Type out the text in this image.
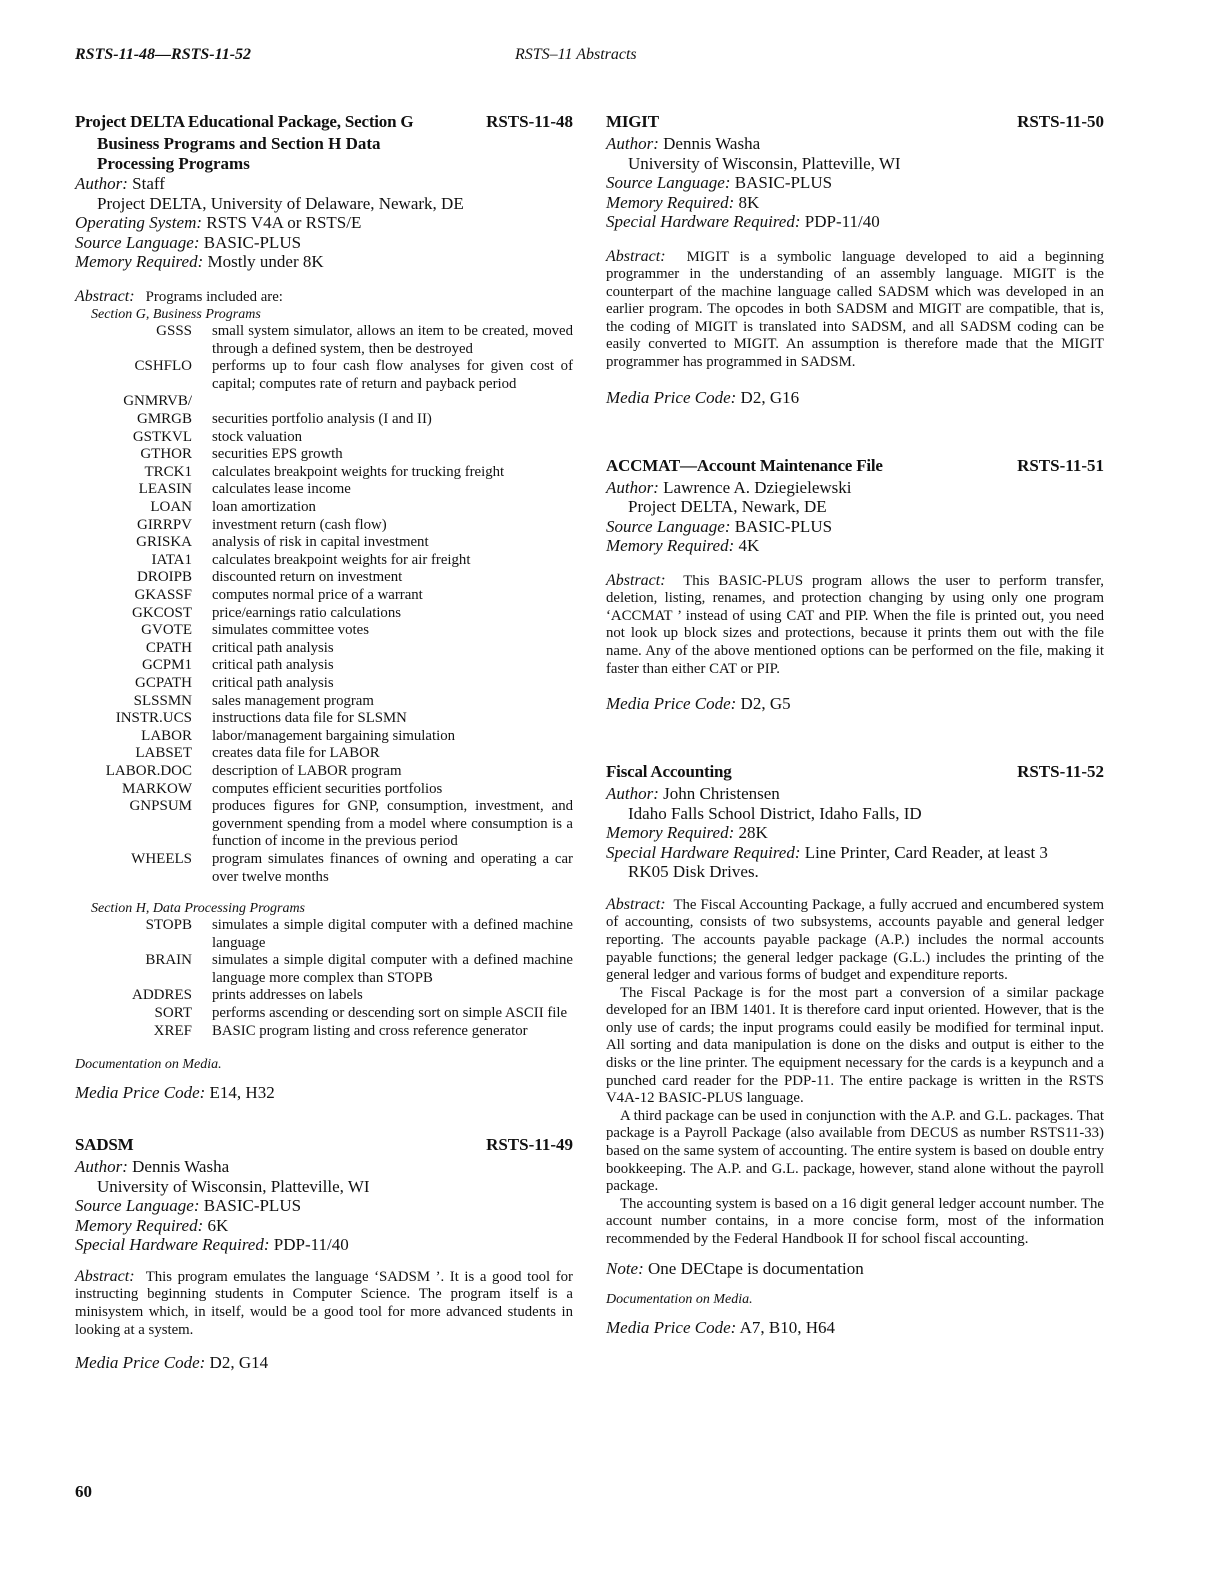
RSTS-11-48—RSTS-11-52	RSTS–11 Abstracts
Project DELTA Educational Package, Section G	RSTS-11-48
Business Programs and Section H Data
Processing Programs
Author: Staff
Project DELTA, University of Delaware, Newark, DE
Operating System: RSTS V4A or RSTS/E
Source Language: BASIC-PLUS
Memory Required: Mostly under 8K
Abstract: Programs included are:
Section G, Business Programs
GSSS	small system simulator, allows an item to be created, moved through a defined system, then be destroyed
CSHFLO	performs up to four cash flow analyses for given cost of capital; computes rate of return and payback period
GNMRVB/	
GMRGB	securities portfolio analysis (I and II)
GSTKVL	stock valuation
GTHOR	securities EPS growth
TRCK1	calculates breakpoint weights for trucking freight
LEASIN	calculates lease income
LOAN	loan amortization
GIRRPV	investment return (cash flow)
GRISKA	analysis of risk in capital investment
IATA1	calculates breakpoint weights for air freight
DROIPB	discounted return on investment
GKASSF	computes normal price of a warrant
GKCOST	price/earnings ratio calculations
GVOTE	simulates committee votes
CPATH	critical path analysis
GCPM1	critical path analysis
GCPATH	critical path analysis
SLSSMN	sales management program
INSTR.UCS	instructions data file for SLSMN
LABOR	labor/management bargaining simulation
LABSET	creates data file for LABOR
LABOR.DOC	description of LABOR program
MARKOW	computes efficient securities portfolios
GNPSUM	produces figures for GNP, consumption, investment, and government spending from a model where consumption is a function of income in the previous period
WHEELS	program simulates finances of owning and operating a car over twelve months
Section H, Data Processing Programs
STOPB	simulates a simple digital computer with a defined machine language
BRAIN	simulates a simple digital computer with a defined machine language more complex than STOPB
ADDRES	prints addresses on labels
SORT	performs ascending or descending sort on simple ASCII file
XREF	BASIC program listing and cross reference generator
Documentation on Media.
Media Price Code: E14, H32
SADSM	RSTS-11-49
Author: Dennis Washa
University of Wisconsin, Platteville, WI
Source Language: BASIC-PLUS
Memory Required: 6K
Special Hardware Required: PDP-11/40

Abstract: This program emulates the language ‘SADSM ’. It is a good tool for instructing beginning students in Computer Science. The program itself is a minisystem which, in itself, would be a good tool for more advanced students in looking at a system.

Media Price Code: D2, G14
MIGIT	RSTS-11-50
Author: Dennis Washa
University of Wisconsin, Platteville, WI
Source Language: BASIC-PLUS
Memory Required: 8K
Special Hardware Required: PDP-11/40

Abstract: MIGIT is a symbolic language developed to aid a beginning programmer in the understanding of an assembly language. MIGIT is the counterpart of the machine language called SADSM which was developed in an earlier program. The opcodes in both SADSM and MIGIT are compatible, that is, the coding of MIGIT is translated into SADSM, and all SADSM coding can be easily converted to MIGIT. An assumption is therefore made that the MIGIT programmer has programmed in SADSM.

Media Price Code: D2, G16
ACCMAT—Account Maintenance File	RSTS-11-51
Author: Lawrence A. Dziegielewski
Project DELTA, Newark, DE
Source Language: BASIC-PLUS
Memory Required: 4K

Abstract: This BASIC-PLUS program allows the user to perform transfer, deletion, listing, renames, and protection changing by using only one program ‘ACCMAT ’ instead of using CAT and PIP. When the file is printed out, you need not look up block sizes and protections, because it prints them out with the file name. Any of the above mentioned options can be performed on the file, making it faster than either CAT or PIP.

Media Price Code: D2, G5
Fiscal Accounting	RSTS-11-52
Author: John Christensen
Idaho Falls School District, Idaho Falls, ID
Memory Required: 28K
Special Hardware Required: Line Printer, Card Reader, at least 3
RK05 Disk Drives.

Abstract: The Fiscal Accounting Package, a fully accrued and encumbered system of accounting, consists of two subsystems, accounts payable and general ledger reporting. The accounts payable package (A.P.) includes the normal accounts payable functions; the general ledger package (G.L.) includes the printing of the general ledger and various forms of budget and expenditure reports.

The Fiscal Package is for the most part a conversion of a similar package developed for an IBM 1401. It is therefore card input oriented. However, that is the only use of cards; the input programs could easily be modified for terminal input. All sorting and data manipulation is done on the disks and output is either to the disks or the line printer. The equipment necessary for the cards is a keypunch and a punched card reader for the PDP-11. The entire package is written in the RSTS V4A-12 BASIC-PLUS language.

A third package can be used in conjunction with the A.P. and G.L. packages. That package is a Payroll Package (also available from DECUS as number RSTS11-33) based on the same system of accounting. The entire system is based on double entry bookkeeping. The A.P. and G.L. package, however, stand alone without the payroll package.

The accounting system is based on a 16 digit general ledger account number. The account number contains, in a more concise form, most of the information recommended by the Federal Handbook II for school fiscal accounting.

Note: One DECtape is documentation
Documentation on Media.
Media Price Code: A7, B10, H64
60
